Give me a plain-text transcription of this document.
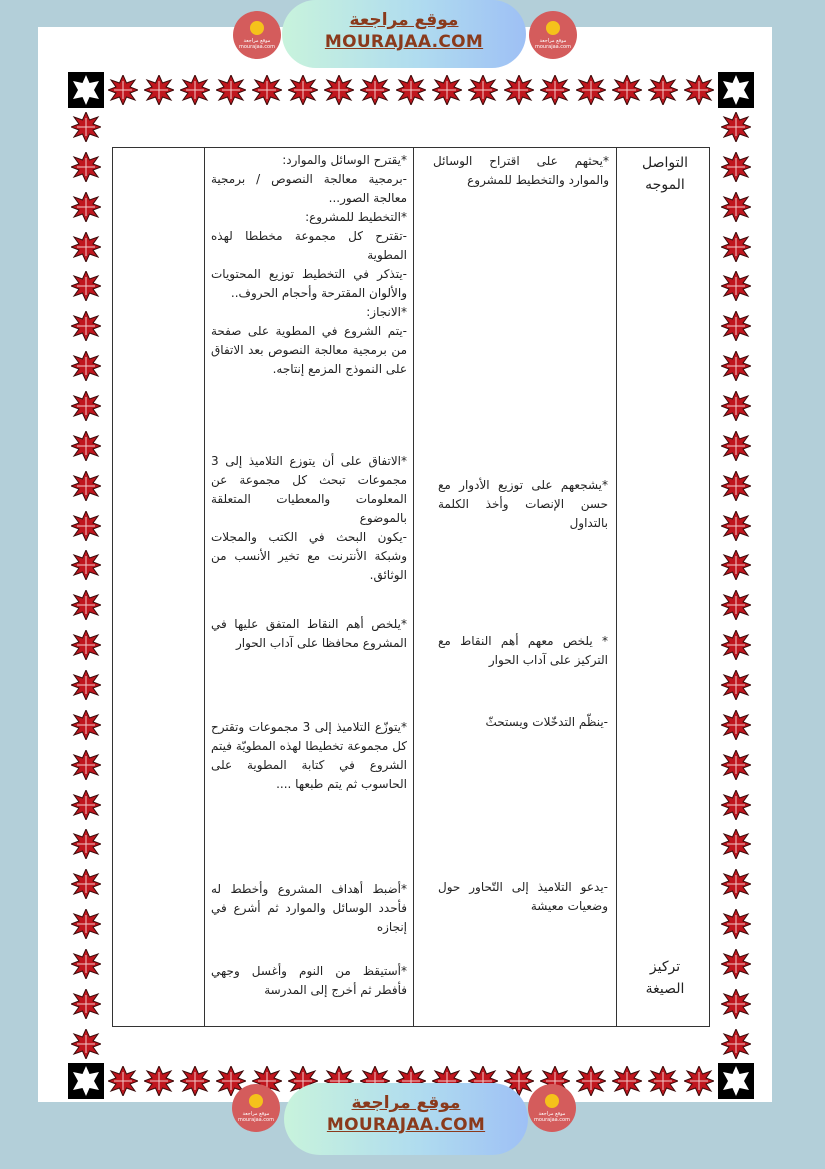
موقع مراجعة mourajaa.com
موقع مراجعة
MOURAJAA.COM	موقع مراجعة mourajaa.com
التواصل الموجه
تركيز الصيغة
*يحثهم على اقتراح الوسائل والموارد والتخطيط للمشروع
*يشجعهم على توزيع الأدوار مع حسن الإنصات وأخذ الكلمة بالتداول
* يلخص معهم أهم النقاط مع التركيز على آداب الحوار
-ينظّم التدخّلات ويستحثّ
-يدعو التلاميذ إلى التّحاور حول وضعيات معيشة
*يقترح الوسائل والموارد:
-برمجية معالجة النصوص / برمجية معالجة الصور...
*التخطيط للمشروع:
-تقترح كل مجموعة مخططا لهذه المطوية
-يتذكر في التخطيط توزيع المحتويات والألوان المقترحة وأحجام الحروف..
*الانجاز:
-يتم الشروع في المطوية على صفحة من برمجية معالجة النصوص بعد الاتفاق على النموذج المزمع إنتاجه.
*الاتفاق على أن يتوزع التلاميذ إلى 3 مجموعات تبحث كل مجموعة عن المعلومات والمعطيات المتعلقة بالموضوع
-يكون البحث في الكتب والمجلات وشبكة الأنترنت مع تخير الأنسب من الوثائق.
*يلخص أهم النقاط المتفق عليها في المشروع محافظا على آداب الحوار
*يتوزّع التلاميذ إلى 3 مجموعات وتقترح كل مجموعة تخطيطا لهذه المطويّة فيتم الشروع في كتابة المطوية على الحاسوب ثم يتم طبعها ....
*أضبط أهداف المشروع وأخطط له فأحدد الوسائل والموارد ثم أشرع في إنجازه
*أستيقظ من النوم وأغسل وجهي فأفطر ثم أخرج إلى المدرسة
موقع مراجعة mourajaa.com
موقع مراجعة
MOURAJAA.COM
موقع مراجعة mourajaa.com
